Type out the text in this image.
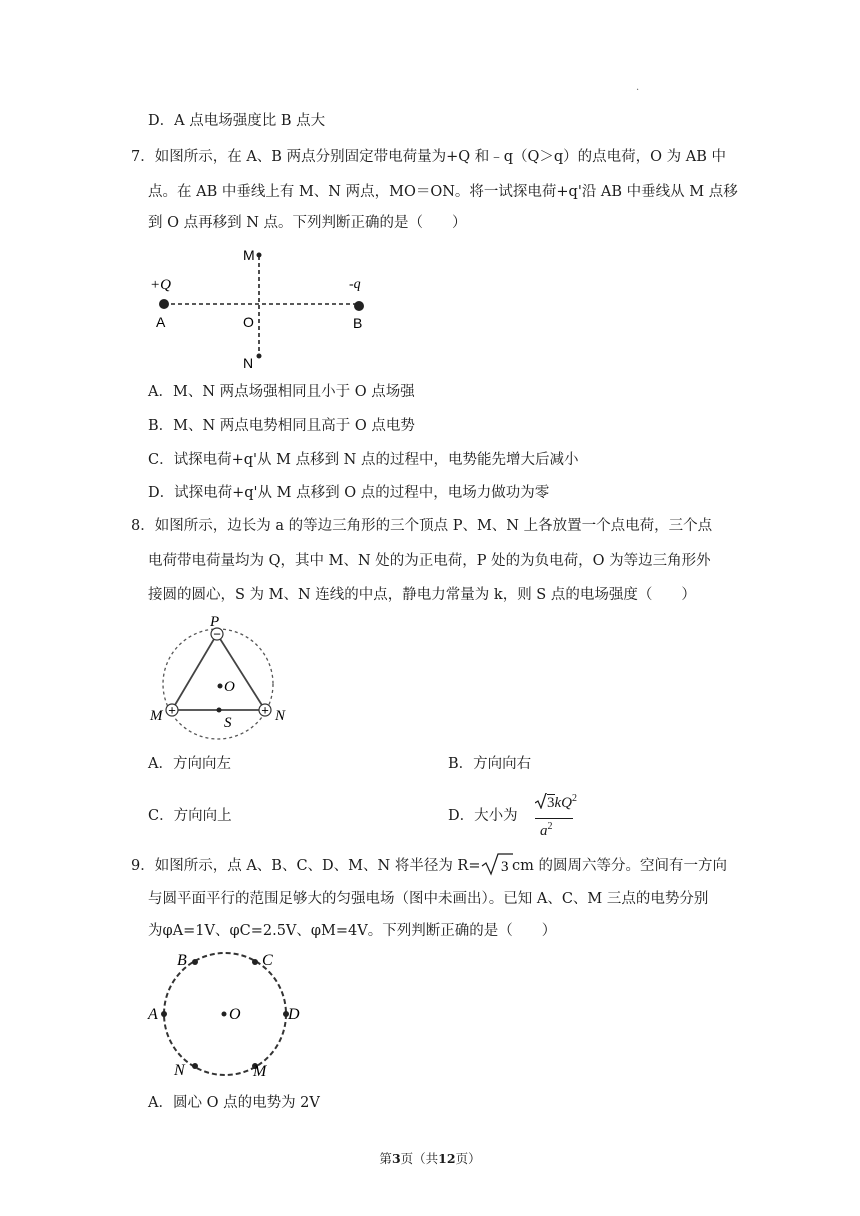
.
D．A 点电场强度比 B 点大
7．如图所示，在 A、B 两点分别固定带电荷量为+Q 和﹣q（Q＞q）的点电荷，O 为 AB 中
点。在 AB 中垂线上有 M、N 两点，MO＝ON。将一试探电荷+q'沿 AB 中垂线从 M 点移
到 O 点再移到 N 点。下列判断正确的是（　　）
+Q
A	O	B
-q
M
N
A．M、N 两点场强相同且小于 O 点场强
B．M、N 两点电势相同且高于 O 点电势
C．试探电荷+q'从 M 点移到 N 点的过程中，电势能先增大后减小
D．试探电荷+q'从 M 点移到 O 点的过程中，电场力做功为零
8．如图所示，边长为 a 的等边三角形的三个顶点 P、M、N 上各放置一个点电荷，三个点
电荷带电荷量均为 Q，其中 M、N 处的为正电荷，P 处的为负电荷，O 为等边三角形外
接圆的圆心，S 为 M、N 连线的中点，静电力常量为 k，则 S 点的电场强度（　　）
−
+	+
P
O
M	S	N
A．方向向左	B．方向向右
C．方向向上	D．大小为
$3kQ^2$
$a^2$
9．如图所示，点 A、B、C、D、M、N 将半径为 R= 3 cm 的圆周六等分。空间有一方向
与圆平面平行的范围足够大的匀强电场（图中未画出）。已知 A、C、M 三点的电势分别
为φA=1V、φC=2.5V、φM=4V。下列判断正确的是（　　）
B	C
A	O	D
N	M
A．圆心 O 点的电势为 2V
第3页（共12页）
